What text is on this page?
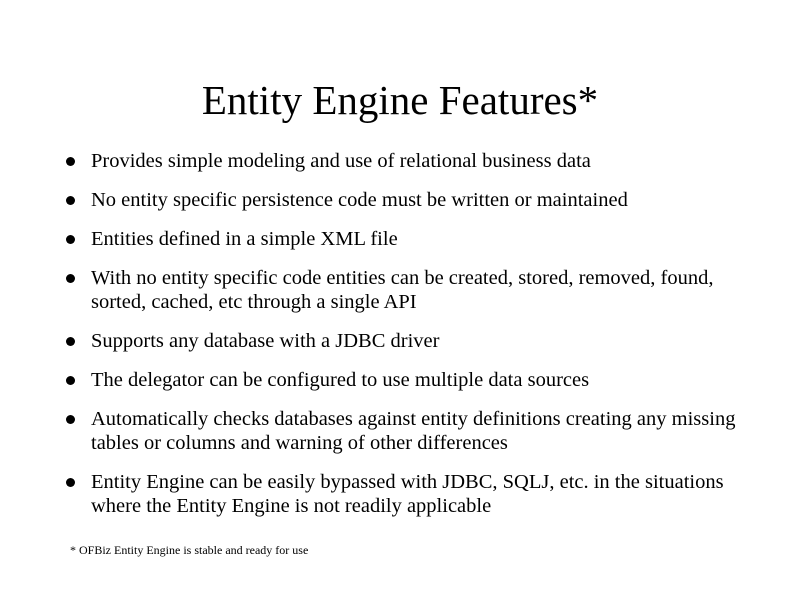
Entity Engine Features*
Provides simple modeling and use of relational business data
No entity specific persistence code must be written or maintained
Entities defined in a simple XML file
With no entity specific code entities can be created, stored, removed, found, sorted, cached, etc through a single API
Supports any database with a JDBC driver
The delegator can be configured to use multiple data sources
Automatically checks databases against entity definitions creating any missing tables or columns and warning of other differences
Entity Engine can be easily bypassed with JDBC, SQLJ, etc. in the situations where the Entity Engine is not readily applicable

* OFBiz Entity Engine is stable and ready for use
